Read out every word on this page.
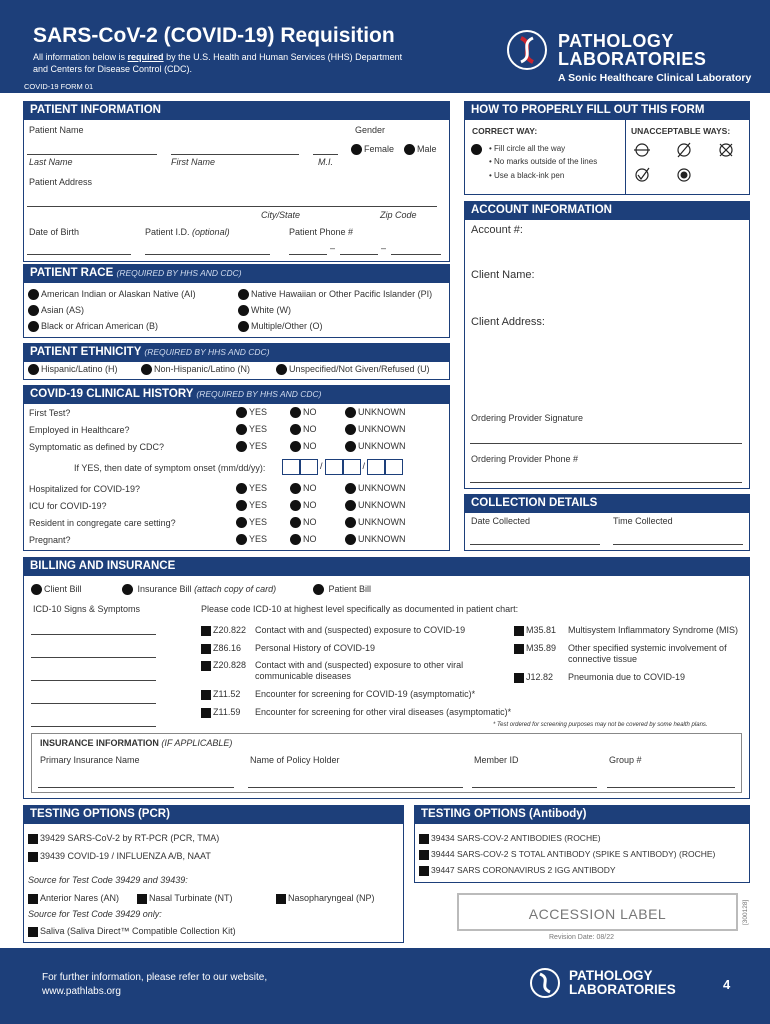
SARS-CoV-2 (COVID-19) Requisition
All information below is required by the U.S. Health and Human Services (HHS) Department
and Centers for Disease Control (CDC).
COVID-19 FORM 01
PATHOLOGY
LABORATORIES
A Sonic Healthcare Clinical Laboratory
PATIENT INFORMATION
Patient Name	Gender
Female	Male
Last Name	First Name	M.I.
Patient Address
City/State	Zip Code
Date of Birth	Patient I.D. (optional)	Patient Phone #
–	–
PATIENT RACE (REQUIRED BY HHS AND CDC)
American Indian or Alaskan Native (AI)
Asian (AS)
Black or African American (B)
Native Hawaiian or Other Pacific Islander (PI)
White (W)
Multiple/Other (O)
PATIENT ETHNICITY (REQUIRED BY HHS AND CDC)
Hispanic/Latino (H)	Non-Hispanic/Latino (N)	Unspecified/Not Given/Refused (U)
COVID-19 CLINICAL HISTORY (REQUIRED BY HHS AND CDC)
First Test?	YES	NO	UNKNOWN
Employed in Healthcare?	YES	NO	UNKNOWN
Symptomatic as defined by CDC?	YES	NO	UNKNOWN
Hospitalized for COVID-19?	YES	NO	UNKNOWN
ICU for COVID-19?	YES	NO	UNKNOWN
Resident in congregate care setting?	YES	NO	UNKNOWN
Pregnant?	YES	NO	UNKNOWN
If YES, then date of symptom onset (mm/dd/yy):	/	/
HOW TO PROPERLY FILL OUT THIS FORM
CORRECT WAY:	UNACCEPTABLE WAYS:
• Fill circle all the way
• No marks outside of the lines
• Use a black-ink pen
ACCOUNT INFORMATION
Account #:
Client Name:
Client Address:
Ordering Provider Signature
Ordering Provider Phone #
COLLECTION DETAILS
Date Collected	Time Collected
BILLING AND INSURANCE
Client Bill	Insurance Bill (attach copy of card)	Patient Bill
ICD-10 Signs & Symptoms	Please code ICD-10 at highest level specifically as documented in patient chart:
Z20.822 Contact with and (suspected) exposure to COVID-19
Z86.16 Personal History of COVID-19
Z20.828 Contact with and (suspected) exposure to other viral
communicable diseases
Z11.52 Encounter for screening for COVID-19 (asymptomatic)*
Z11.59 Encounter for screening for other viral diseases (asymptomatic)*
M35.81 Multisystem Inflammatory Syndrome (MIS)
M35.89 Other specified systemic involvement of
connective tissue
J12.82 Pneumonia due to COVID-19
* Test ordered for screening purposes may not be covered by some health plans.
INSURANCE INFORMATION (IF APPLICABLE)
Primary Insurance Name	Name of Policy Holder	Member ID	Group #
TESTING OPTIONS (PCR)
39429 SARS-CoV-2 by RT-PCR (PCR, TMA)
39439 COVID-19 / INFLUENZA A/B, NAAT
Source for Test Code 39429 and 39439:
Anterior Nares (AN)	Nasal Turbinate (NT)	Nasopharyngeal (NP)
Source for Test Code 39429 only:
Saliva (Saliva Direct™ Compatible Collection Kit)
TESTING OPTIONS (Antibody)
39434 SARS-COV-2 ANTIBODIES (ROCHE)
39444 SARS-COV-2 S TOTAL ANTIBODY (SPIKE S ANTIBODY) (ROCHE)
39447 SARS CORONAVIRUS 2 IGG ANTIBODY
ACCESSION LABEL
Revision Date: 08/22
[300128]
For further information, please refer to our website,
www.pathlabs.org
PATHOLOGY
LABORATORIES	4
